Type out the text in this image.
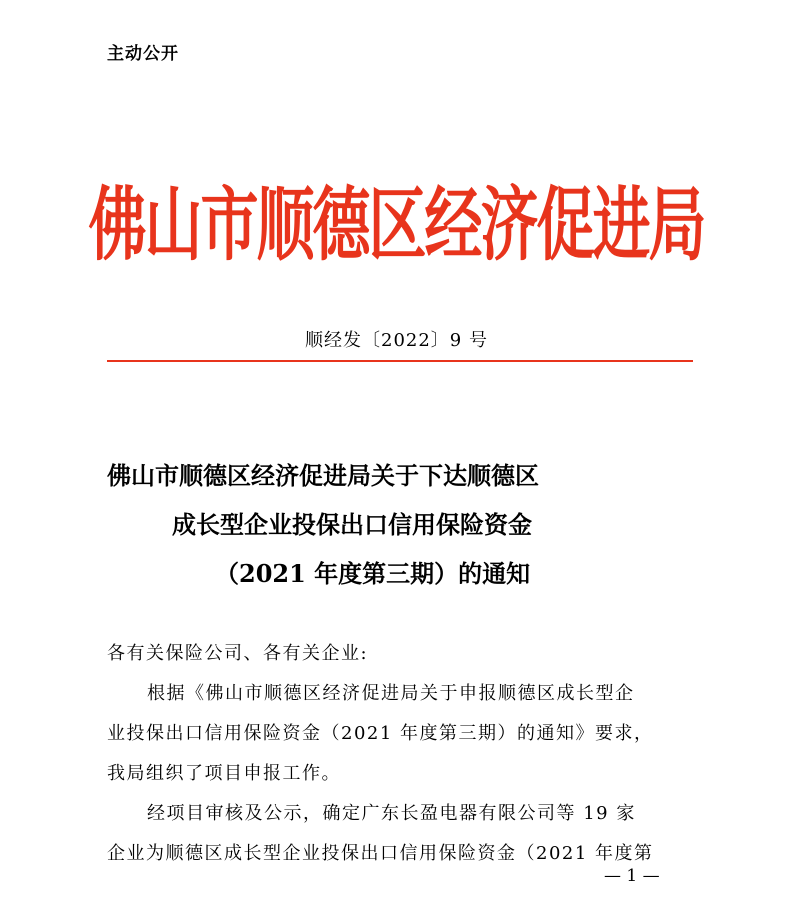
主动公开
佛山市顺德区经济促进局
顺经发〔2022〕9 号
佛山市顺德区经济促进局关于下达顺德区
成长型企业投保出口信用保险资金
（2021 年度第三期）的通知
各有关保险公司、各有关企业:
根据《佛山市顺德区经济促进局关于申报顺德区成长型企
业投保出口信用保险资金（2021 年度第三期）的通知》要求，
我局组织了项目申报工作。
经项目审核及公示，确定广东长盈电器有限公司等 19 家
企业为顺德区成长型企业投保出口信用保险资金（2021 年度第
— 1 —
